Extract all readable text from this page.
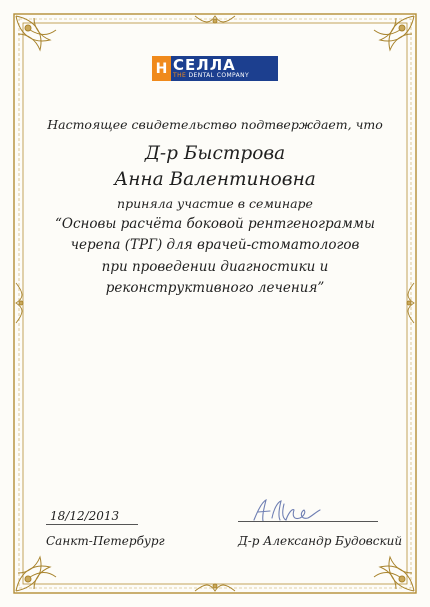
Н СЕЛЛА
THE DENTAL COMPANY
Настоящее свидетельство подтверждает, что
Д-р Быстрова
Анна Валентиновна
приняла участие в семинаре
“Основы расчёта боковой рентгенограммы
черепа (ТРГ) для врачей-стоматологов
при проведении диагностики и
реконструктивного лечения”
18/12/2013
Санкт-Петербург	Д-р Александр Будовский
